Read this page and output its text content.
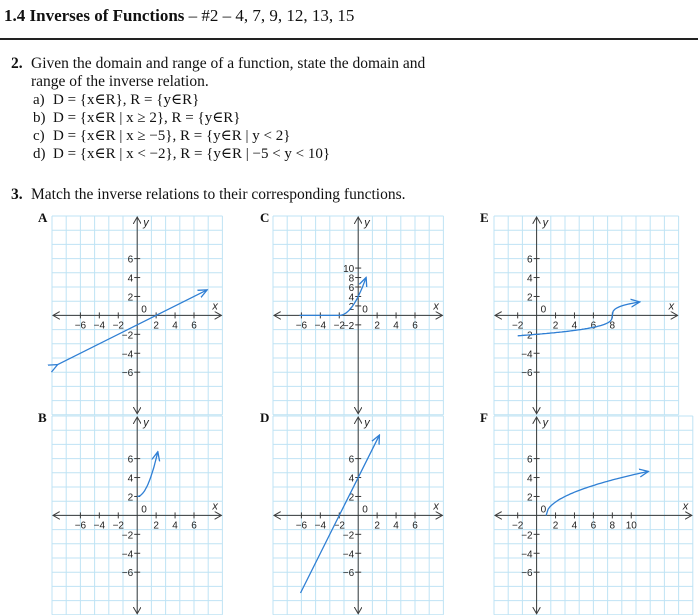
1.4 Inverses of Functions – #2 – 4, 7, 9, 12, 13, 15
2. Given the domain and range of a function, state the domain and
range of the inverse relation.
a) D = {x∈R}, R = {y∈R}
b) D = {x∈R | x ≥ 2}, R = {y∈R}
c) D = {x∈R | x ≥ −5}, R = {y∈R | y < 2}
d) D = {x∈R | x < −2}, R = {y∈R | −5 < y < 10}
3. Match the inverse relations to their corresponding functions.
A	C	E
B	D	F
−6 −4 −2	2 4 6
6
4
2
−2
−4
−6
0	x
y
−6 −4 −2	2 4 6
10
8
6
4
2
−2
0	x
y
−2	2 4 6 8
6
4
2
−2
−4
−6
0	x
y
−6 −4 −2	2 4 6
6
4
2
−2
−4
−6
0	x
y
−6 −4 −2	2 4 6
6
4
2
−2
−4
−6
0	x
y
−2	2 4 6 8 10
6
4
2
−2
−4
−6
0	x
y
